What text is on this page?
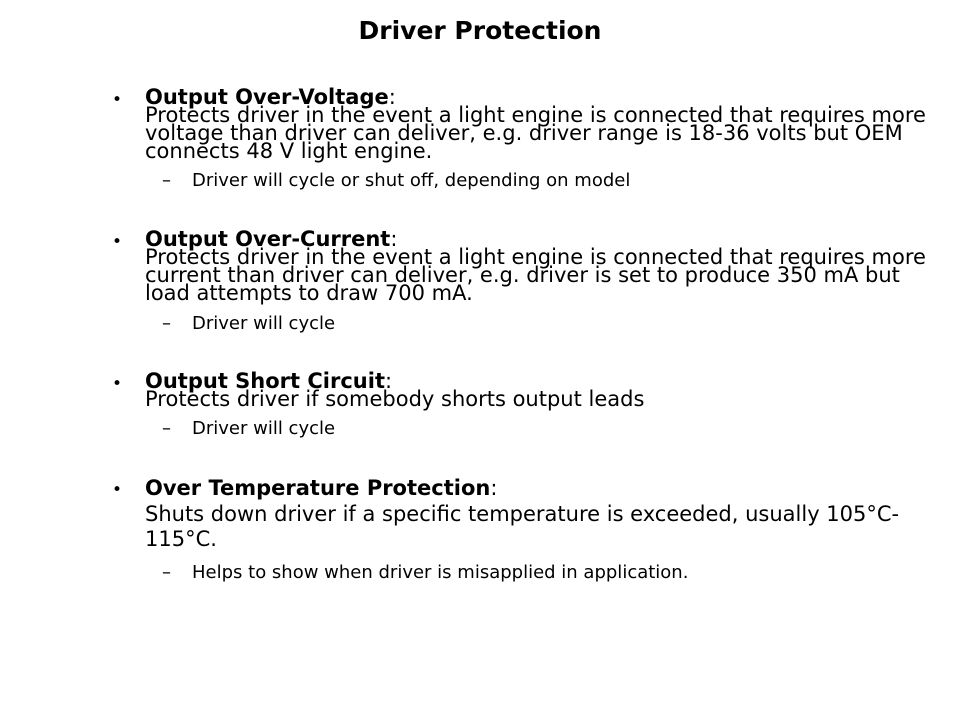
Driver Protection
• Output Over-Voltage:
Protects driver in the event a light engine is connected that requires more voltage than driver can deliver, e.g. driver range is 18-36 volts but OEM connects 48 V light engine.
– Driver will cycle or shut off, depending on model
• Output Over-Current:
Protects driver in the event a light engine is connected that requires more current than driver can deliver, e.g. driver is set to produce 350 mA but load attempts to draw 700 mA.
– Driver will cycle
• Output Short Circuit:
Protects driver if somebody shorts output leads
– Driver will cycle
• Over Temperature Protection:
Shuts down driver if a specific temperature is exceeded, usually 105°C-115°C.
– Helps to show when driver is misapplied in application.
